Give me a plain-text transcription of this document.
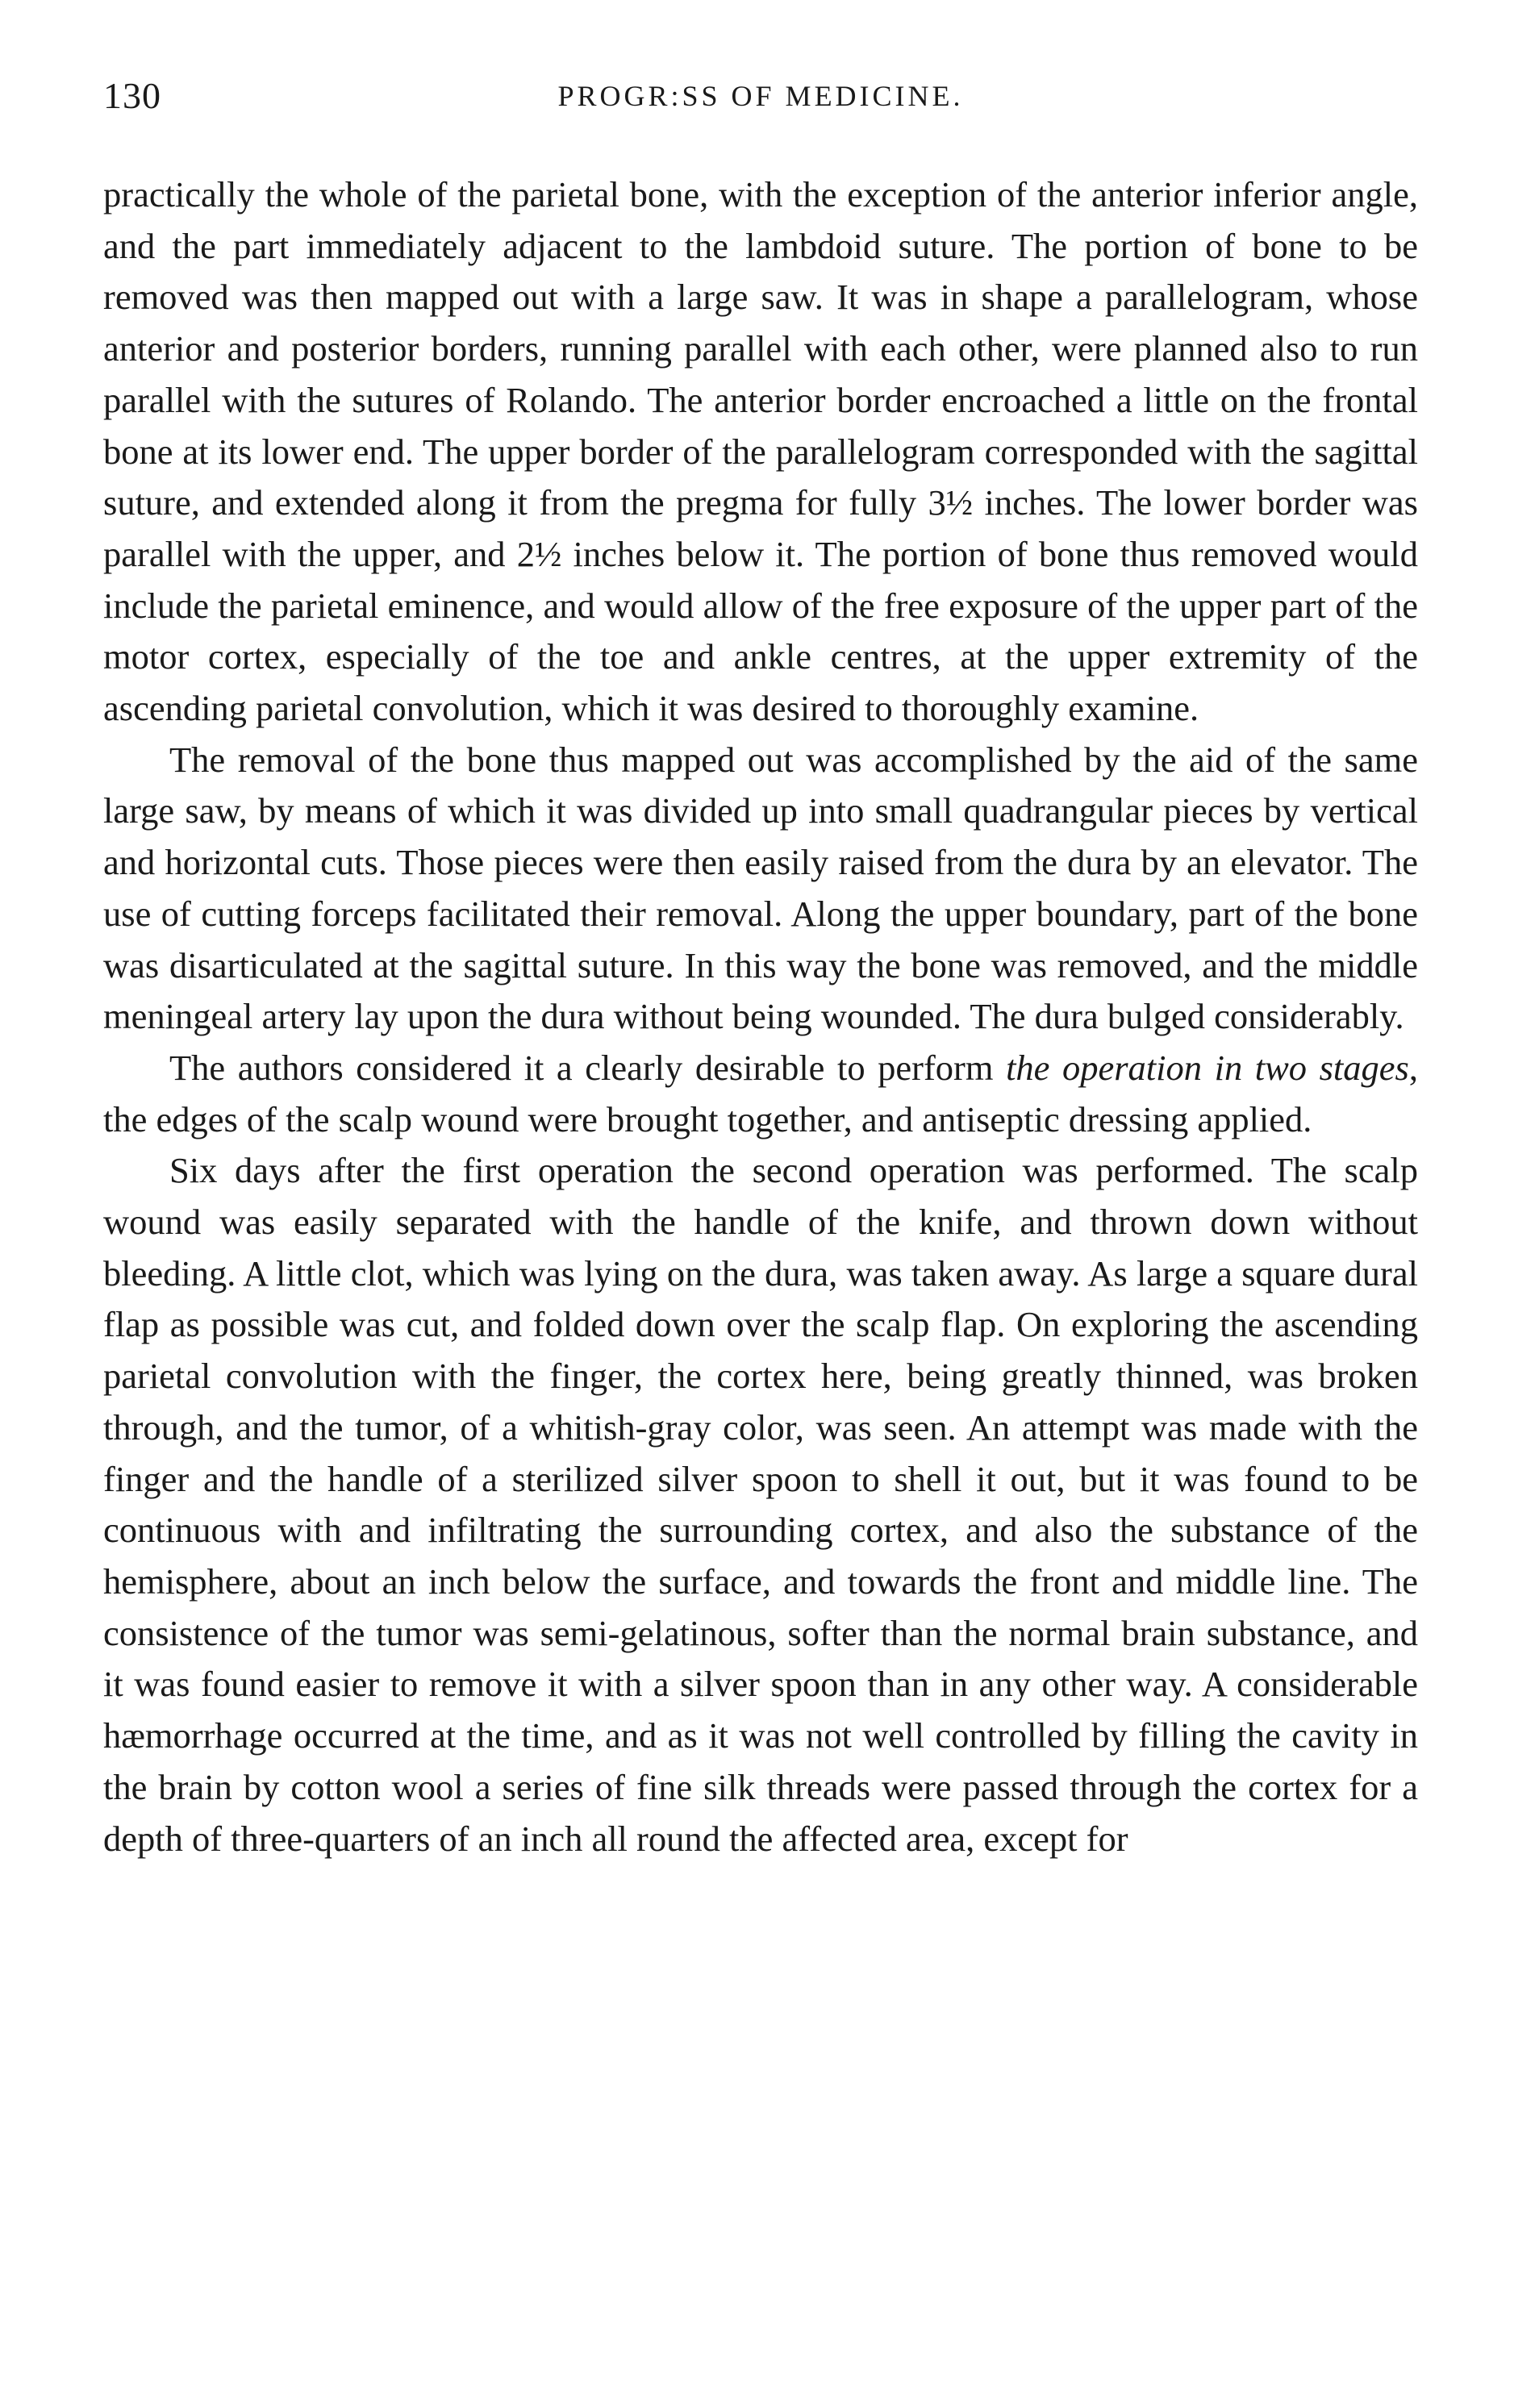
130	PROGR:SS OF MEDICINE.

practically the whole of the parietal bone, with the exception of the anterior inferior angle, and the part immediately adjacent to the lambdoid suture. The portion of bone to be removed was then mapped out with a large saw. It was in shape a parallelogram, whose anterior and posterior borders, running parallel with each other, were planned also to run parallel with the sutures of Rolando. The anterior border encroached a little on the frontal bone at its lower end. The upper border of the parallelogram corresponded with the sagittal suture, and extended along it from the pregma for fully 3½ inches. The lower border was parallel with the upper, and 2½ inches below it. The portion of bone thus removed would include the parietal eminence, and would allow of the free exposure of the upper part of the motor cortex, especially of the toe and ankle centres, at the upper extremity of the ascending parietal convolution, which it was desired to thoroughly examine.

The removal of the bone thus mapped out was accomplished by the aid of the same large saw, by means of which it was divided up into small quadrangular pieces by vertical and horizontal cuts. Those pieces were then easily raised from the dura by an elevator. The use of cutting forceps facilitated their removal. Along the upper boundary, part of the bone was disarticulated at the sagittal suture. In this way the bone was removed, and the middle meningeal artery lay upon the dura without being wounded. The dura bulged considerably.

The authors considered it a clearly desirable to perform the operation in two stages, the edges of the scalp wound were brought together, and antiseptic dressing applied.

Six days after the first operation the second operation was performed. The scalp wound was easily separated with the handle of the knife, and thrown down without bleeding. A little clot, which was lying on the dura, was taken away. As large a square dural flap as possible was cut, and folded down over the scalp flap. On exploring the ascending parietal convolution with the finger, the cortex here, being greatly thinned, was broken through, and the tumor, of a whitish-gray color, was seen. An attempt was made with the finger and the handle of a sterilized silver spoon to shell it out, but it was found to be continuous with and infiltrating the surrounding cortex, and also the substance of the hemisphere, about an inch below the surface, and towards the front and middle line. The consistence of the tumor was semi-gelatinous, softer than the normal brain substance, and it was found easier to remove it with a silver spoon than in any other way. A considerable hæmorrhage occurred at the time, and as it was not well controlled by filling the cavity in the brain by cotton wool a series of fine silk threads were passed through the cortex for a depth of three-quarters of an inch all round the affected area, except for
